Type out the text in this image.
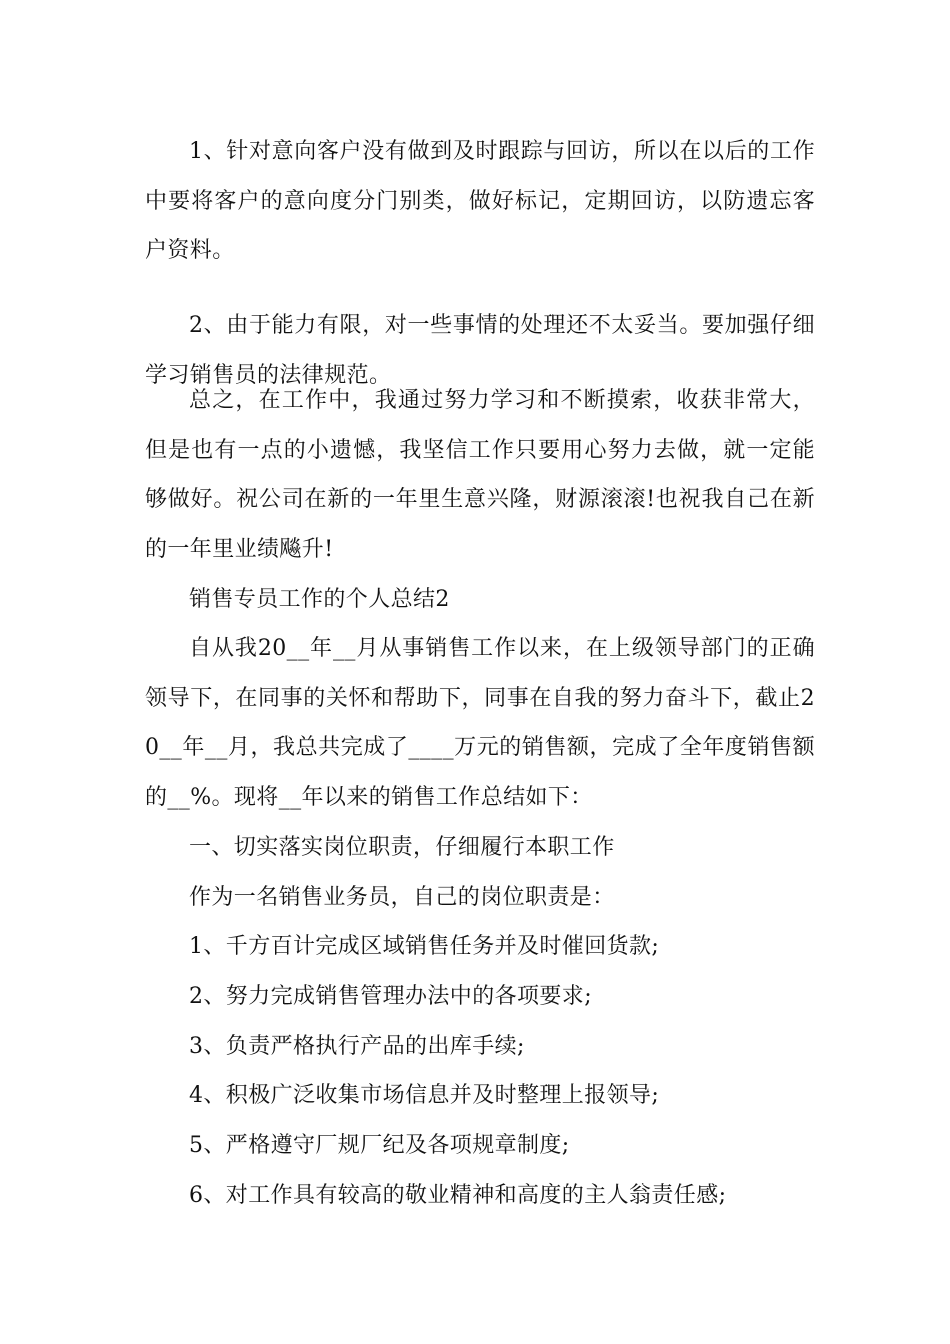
1、针对意向客户没有做到及时跟踪与回访，所以在以后的工作中要将客户的意向度分门别类，做好标记，定期回访，以防遗忘客户资料。

2、由于能力有限，对一些事情的处理还不太妥当。要加强仔细学习销售员的法律规范。

总之，在工作中，我通过努力学习和不断摸索，收获非常大，但是也有一点的小遗憾，我坚信工作只要用心努力去做，就一定能够做好。祝公司在新的一年里生意兴隆，财源滚滚!也祝我自己在新的一年里业绩飚升!

销售专员工作的个人总结2

自从我20__年__月从事销售工作以来，在上级领导部门的正确领导下，在同事的关怀和帮助下，同事在自我的努力奋斗下，截止20__年__月，我总共完成了____万元的销售额，完成了全年度销售额的__%。现将__年以来的销售工作总结如下：

一、切实落实岗位职责，仔细履行本职工作

作为一名销售业务员，自己的岗位职责是：

1、千方百计完成区域销售任务并及时催回货款;

2、努力完成销售管理办法中的各项要求;

3、负责严格执行产品的出库手续;

4、积极广泛收集市场信息并及时整理上报领导;

5、严格遵守厂规厂纪及各项规章制度;

6、对工作具有较高的敬业精神和高度的主人翁责任感;
